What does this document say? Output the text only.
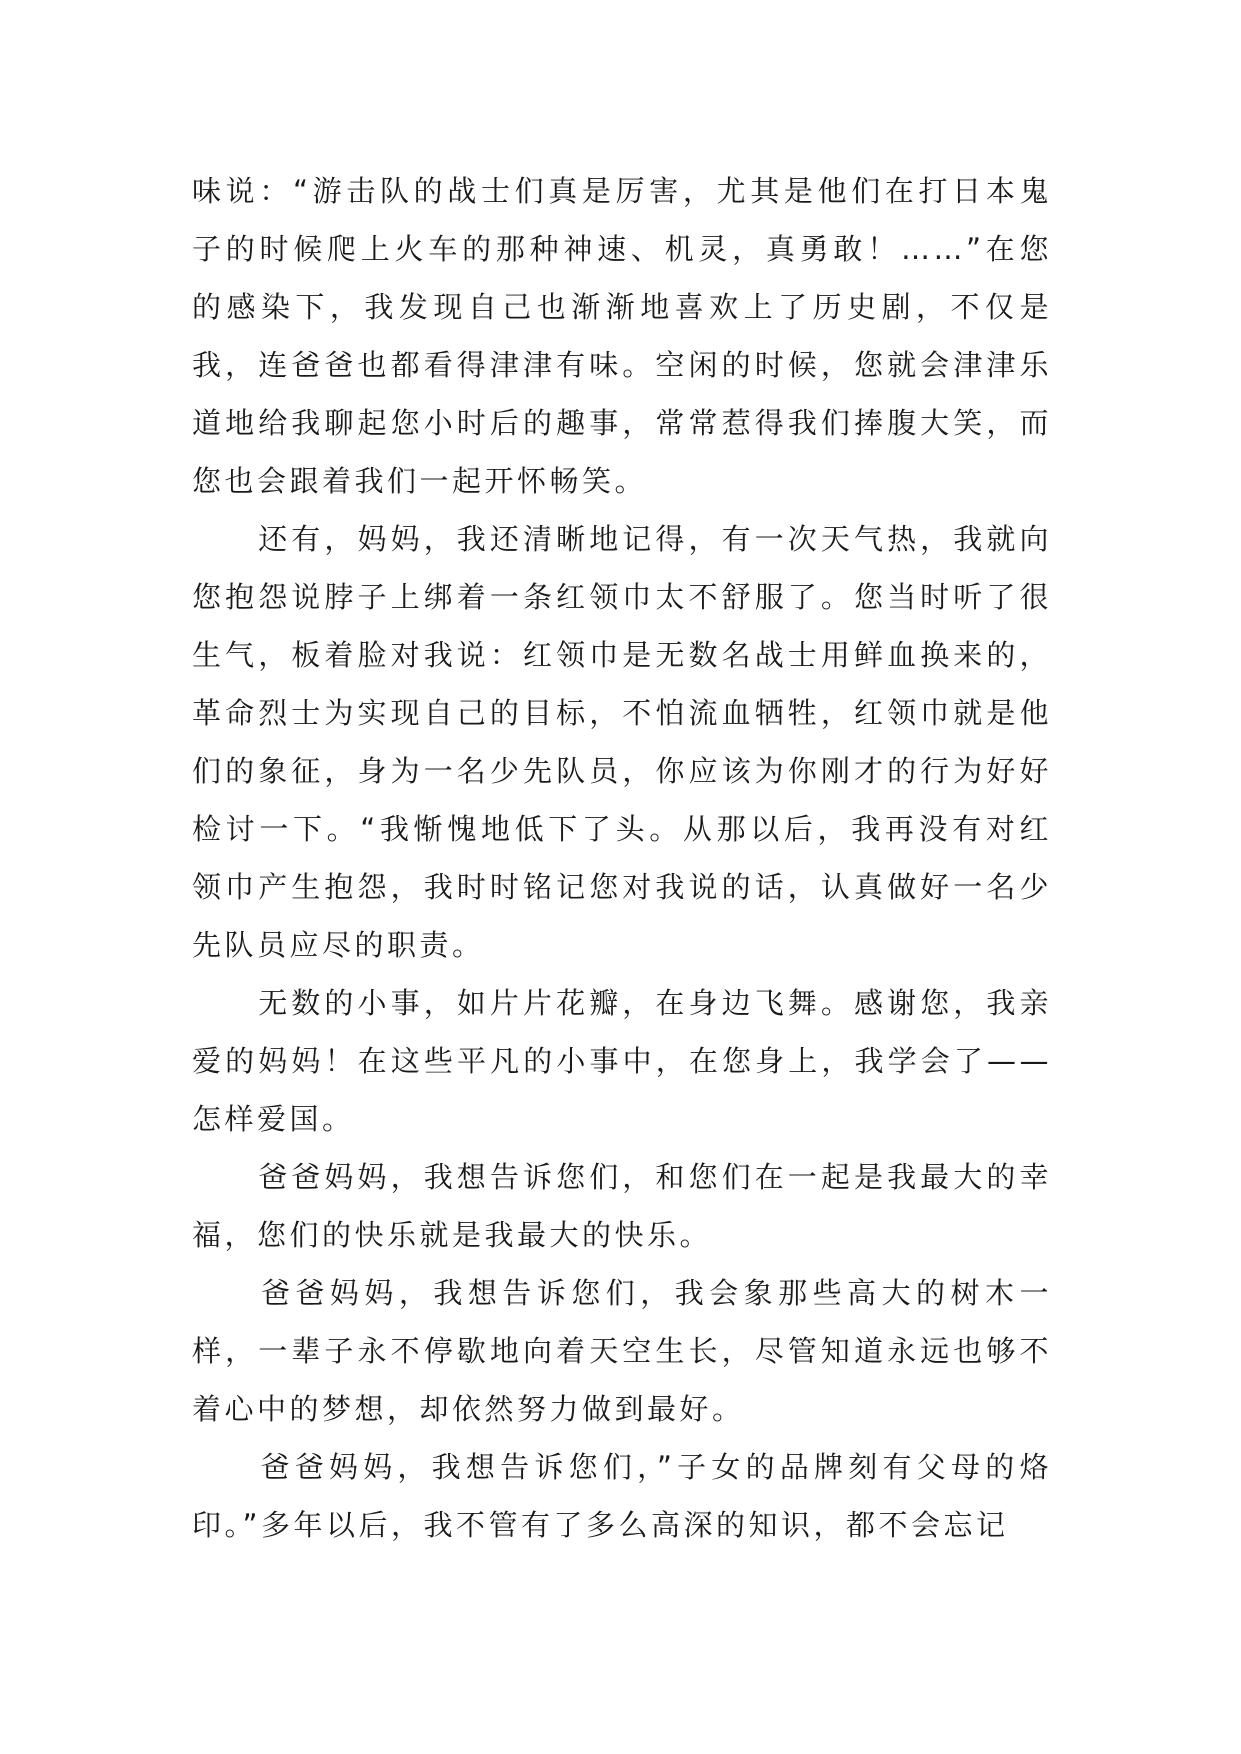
味说：“游击队的战士们真是厉害，尤其是他们在打日本鬼子的时候爬上火车的那种神速、机灵，真勇敢！……”在您的感染下，我发现自己也渐渐地喜欢上了历史剧，不仅是我，连爸爸也都看得津津有味。空闲的时候，您就会津津乐道地给我聊起您小时后的趣事，常常惹得我们捧腹大笑，而您也会跟着我们一起开怀畅笑。

　　还有，妈妈，我还清晰地记得，有一次天气热，我就向您抱怨说脖子上绑着一条红领巾太不舒服了。您当时听了很生气，板着脸对我说：红领巾是无数名战士用鲜血换来的，革命烈士为实现自己的目标，不怕流血牺牲，红领巾就是他们的象征，身为一名少先队员，你应该为你刚才的行为好好检讨一下。“我惭愧地低下了头。从那以后，我再没有对红领巾产生抱怨，我时时铭记您对我说的话，认真做好一名少先队员应尽的职责。

　　无数的小事，如片片花瓣，在身边飞舞。感谢您，我亲爱的妈妈！在这些平凡的小事中，在您身上，我学会了——怎样爱国。

　　爸爸妈妈，我想告诉您们，和您们在一起是我最大的幸福，您们的快乐就是我最大的快乐。

　　爸爸妈妈，我想告诉您们，我会象那些高大的树木一样，一辈子永不停歇地向着天空生长，尽管知道永远也够不着心中的梦想，却依然努力做到最好。

　　爸爸妈妈，我想告诉您们，”子女的品牌刻有父母的烙印。”多年以后，我不管有了多么高深的知识，都不会忘记
